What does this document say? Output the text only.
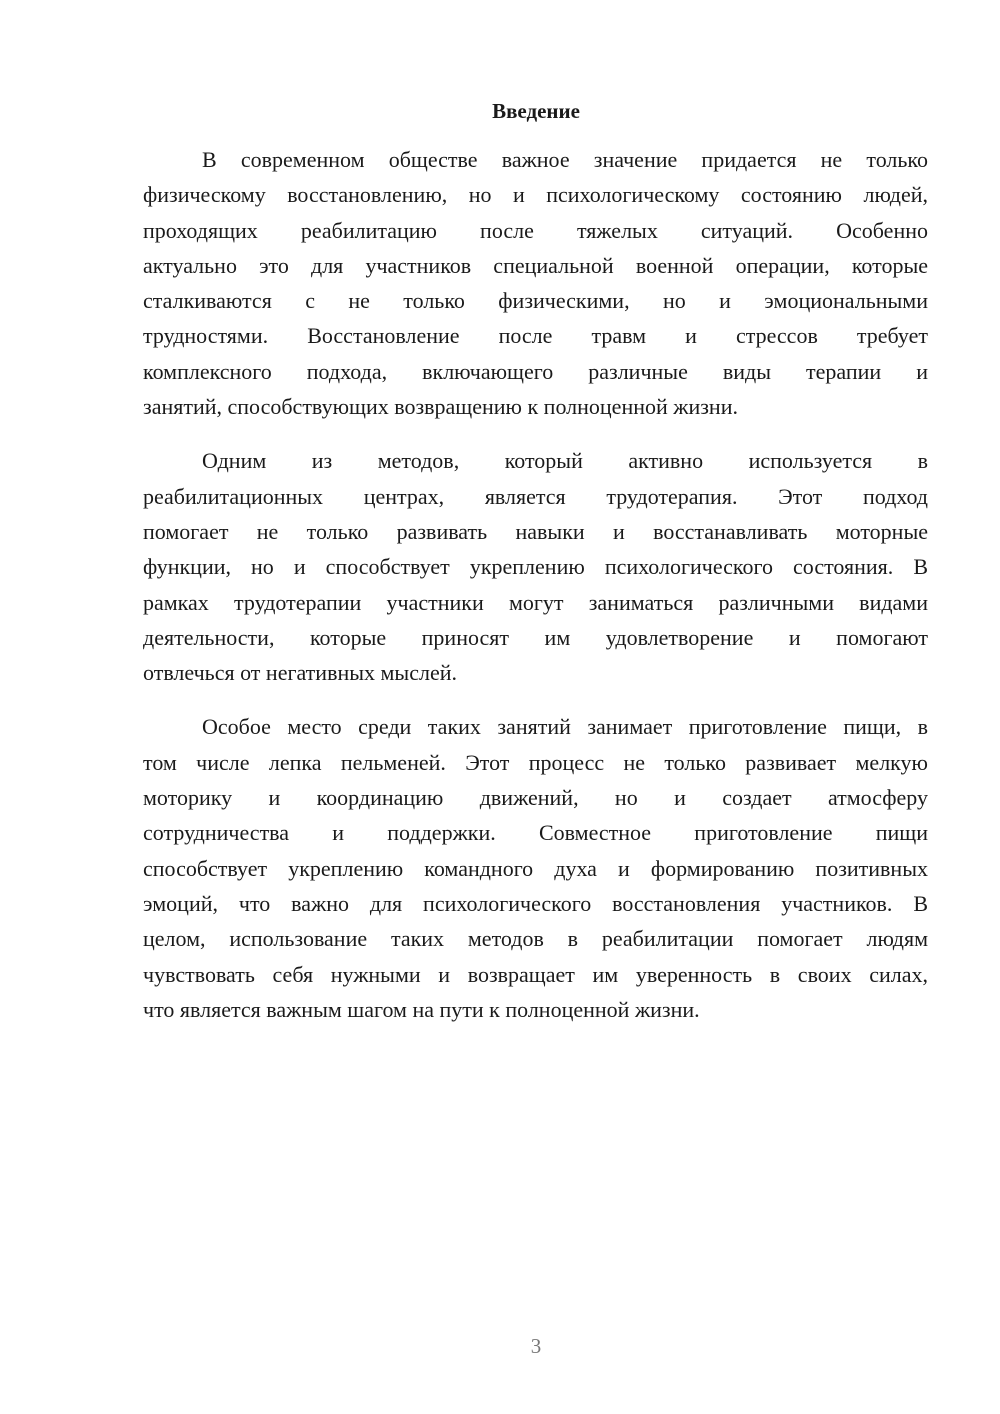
Введение

В современном обществе важное значение придается не только
физическому восстановлению, но и психологическому состоянию людей,
проходящих реабилитацию после тяжелых ситуаций. Особенно
актуально это для участников специальной военной операции, которые
сталкиваются с не только физическими, но и эмоциональными
трудностями. Восстановление после травм и стрессов требует
комплексного подхода, включающего различные виды терапии и
занятий, способствующих возвращению к полноценной жизни.

Одним из методов, который активно используется в
реабилитационных центрах, является трудотерапия. Этот подход
помогает не только развивать навыки и восстанавливать моторные
функции, но и способствует укреплению психологического состояния. В
рамках трудотерапии участники могут заниматься различными видами
деятельности, которые приносят им удовлетворение и помогают
отвлечься от негативных мыслей.

Особое место среди таких занятий занимает приготовление пищи, в
том числе лепка пельменей. Этот процесс не только развивает мелкую
моторику и координацию движений, но и создает атмосферу
сотрудничества и поддержки. Совместное приготовление пищи
способствует укреплению командного духа и формированию позитивных
эмоций, что важно для психологического восстановления участников. В
целом, использование таких методов в реабилитации помогает людям
чувствовать себя нужными и возвращает им уверенность в своих силах,
что является важным шагом на пути к полноценной жизни.

3
